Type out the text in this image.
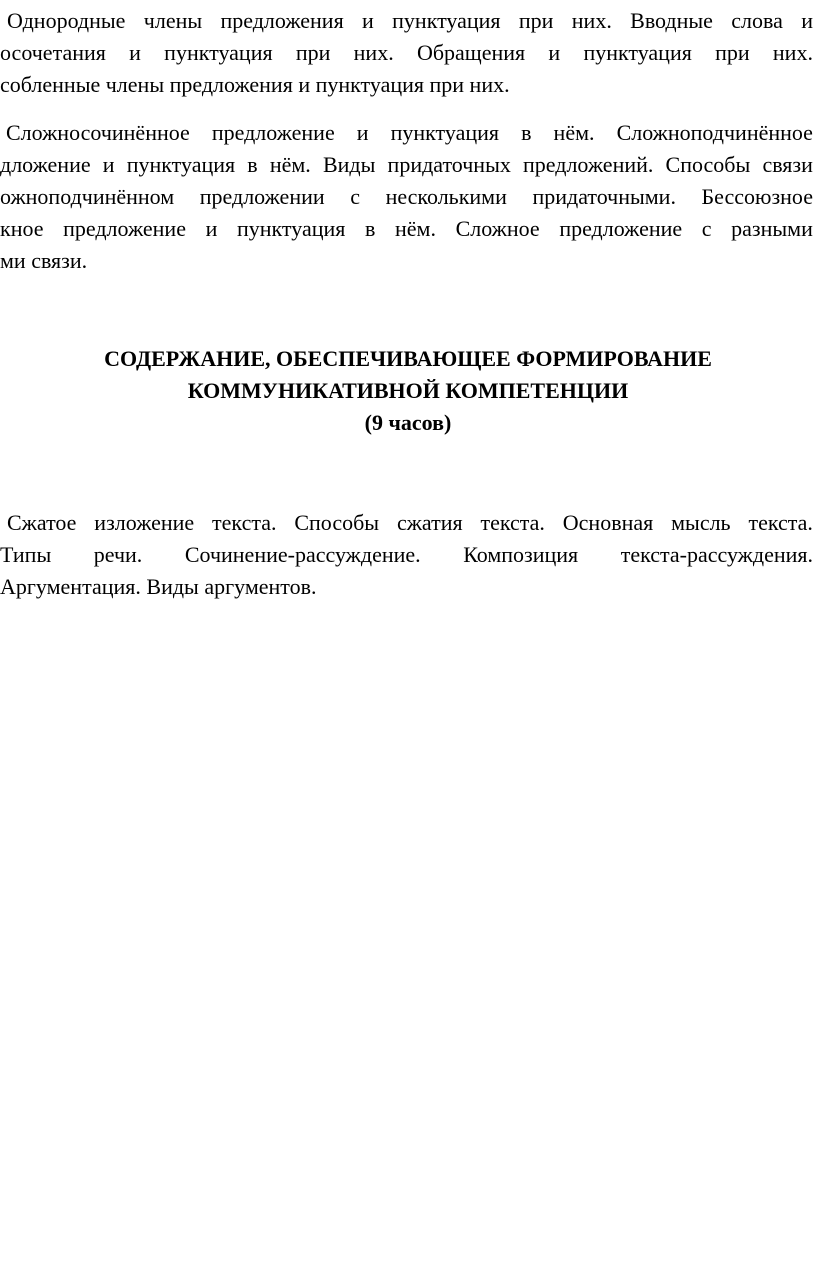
Однородные члены предложения и пунктуация при них. Вводные слова и
осочетания и пунктуация при них. Обращения и пунктуация при них.
собленные члены предложения и пунктуация при них.
Сложносочинённое предложение и пунктуация в нём. Сложноподчинённое
дложение и пунктуация в нём. Виды придаточных предложений. Способы связи
ожноподчинённом предложении с несколькими придаточными. Бессоюзное
кное предложение и пунктуация в нём. Сложное предложение с разными
ми связи.
СОДЕРЖАНИЕ, ОБЕСПЕЧИВАЮЩЕЕ ФОРМИРОВАНИЕ
КОММУНИКАТИВНОЙ КОМПЕТЕНЦИИ
(9 часов)
Сжатое изложение текста. Способы сжатия текста. Основная мысль текста.
Типы речи. Сочинение-рассуждение. Композиция текста-рассуждения.
Аргументация. Виды аргументов.
